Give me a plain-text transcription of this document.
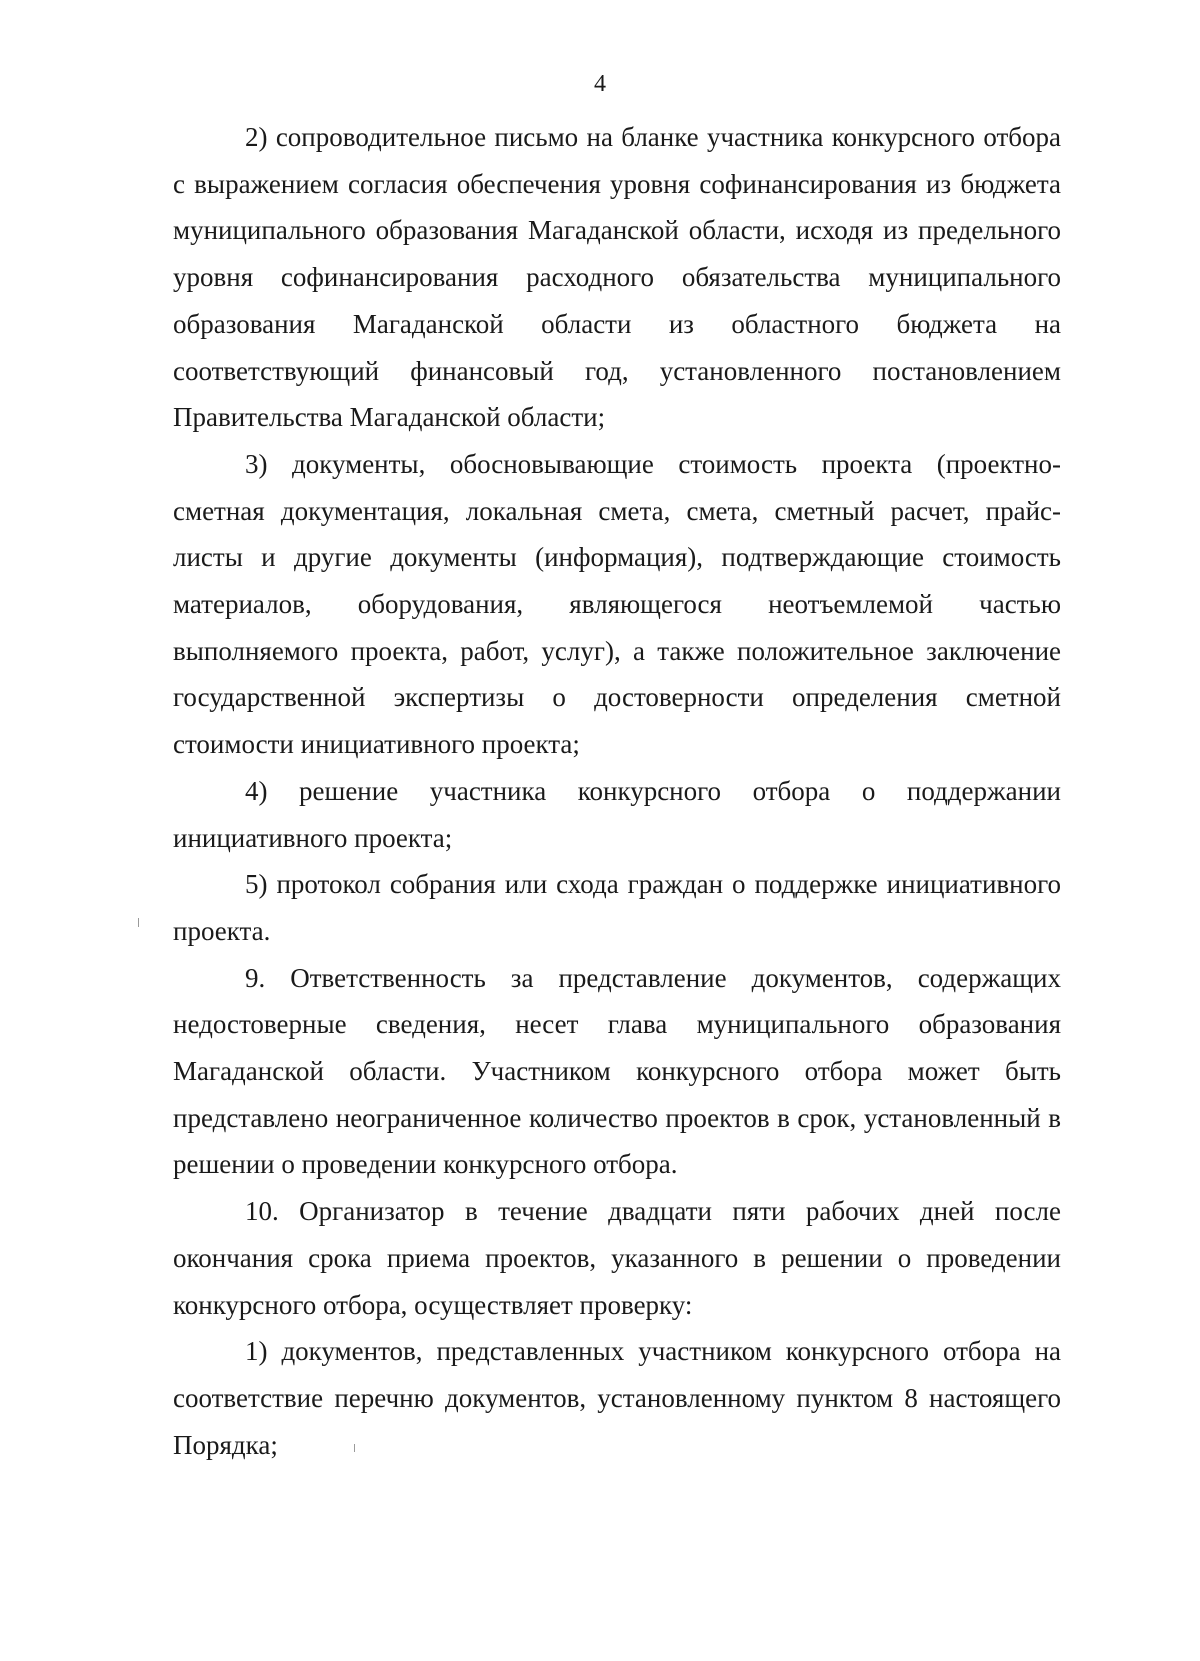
4

2) сопроводительное письмо на бланке участника конкурсного отбора с выражением согласия обеспечения уровня софинансирования из бюджета муниципального образования Магаданской области, исходя из предельного уровня софинансирования расходного обязательства муниципального образования Магаданской области из областного бюджета на соответствующий финансовый год, установленного постановлением Правительства Магаданской области;

3) документы, обосновывающие стоимость проекта (проектно-сметная документация, локальная смета, смета, сметный расчет, прайс-листы и другие документы (информация), подтверждающие стоимость материалов, оборудования, являющегося неотъемлемой частью выполняемого проекта, работ, услуг), а также положительное заключение государственной экспертизы о достоверности определения сметной стоимости инициативного проекта;

4) решение участника конкурсного отбора о поддержании инициативного проекта;

5) протокол собрания или схода граждан о поддержке инициативного проекта.

9. Ответственность за представление документов, содержащих недостоверные сведения, несет глава муниципального образования Магаданской области. Участником конкурсного отбора может быть представлено неограниченное количество проектов в срок, установленный в решении о проведении конкурсного отбора.

10. Организатор в течение двадцати пяти рабочих дней после окончания срока приема проектов, указанного в решении о проведении конкурсного отбора, осуществляет проверку:

1) документов, представленных участником конкурсного отбора на соответствие перечню документов, установленному пунктом 8 настоящего Порядка;
